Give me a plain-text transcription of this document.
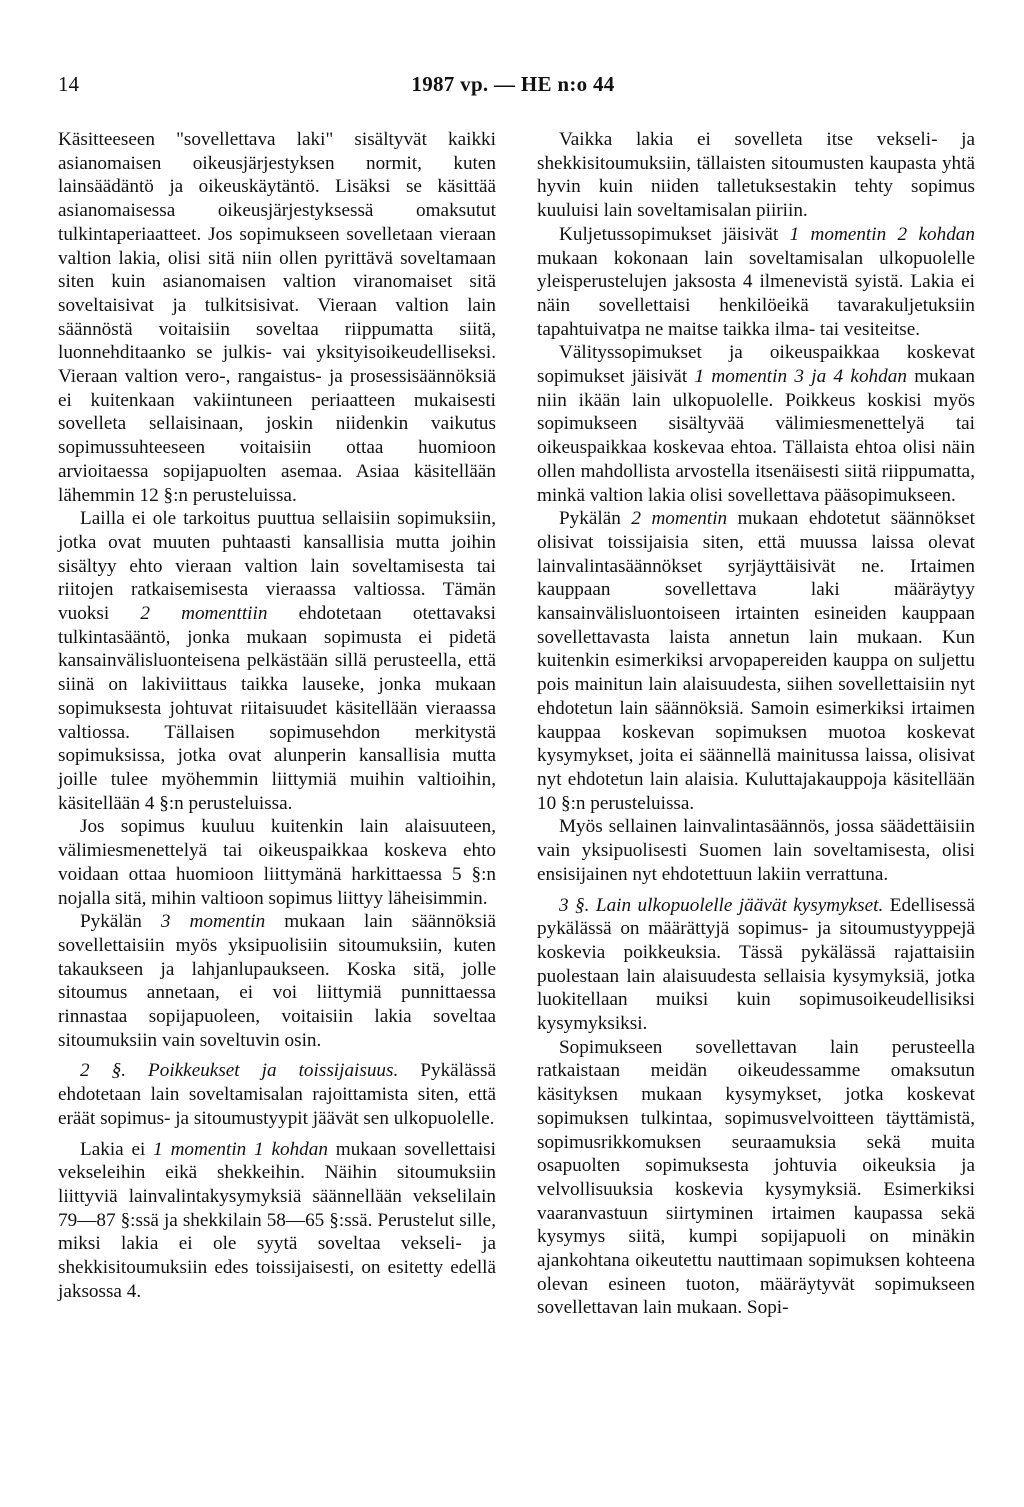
14	1987 vp. — HE n:o 44

Käsitteeseen "sovellettava laki" sisältyvät kaikki asianomaisen oikeusjärjestyksen normit, kuten lainsäädäntö ja oikeuskäytäntö. Lisäksi se käsittää asianomaisessa oikeusjärjestyksessä omaksutut tulkintaperiaatteet. Jos sopimukseen sovelletaan vieraan valtion lakia, olisi sitä niin ollen pyrittävä soveltamaan siten kuin asianomaisen valtion viranomaiset sitä soveltaisivat ja tulkitsisivat. Vieraan valtion lain säännöstä voitaisiin soveltaa riippumatta siitä, luonnehditaanko se julkis- vai yksityisoikeudelliseksi. Vieraan valtion vero-, rangaistus- ja prosessisäännöksiä ei kuitenkaan vakiintuneen periaatteen mukaisesti sovelleta sellaisinaan, joskin niidenkin vaikutus sopimussuhteeseen voitaisiin ottaa huomioon arvioitaessa sopijapuolten asemaa. Asiaa käsitellään lähemmin 12 §:n perusteluissa.

Lailla ei ole tarkoitus puuttua sellaisiin sopimuksiin, jotka ovat muuten puhtaasti kansallisia mutta joihin sisältyy ehto vieraan valtion lain soveltamisesta tai riitojen ratkaisemisesta vieraassa valtiossa. Tämän vuoksi 2 momenttiin ehdotetaan otettavaksi tulkintasääntö, jonka mukaan sopimusta ei pidetä kansainvälisluonteisena pelkästään sillä perusteella, että siinä on lakiviittaus taikka lauseke, jonka mukaan sopimuksesta johtuvat riitaisuudet käsitellään vieraassa valtiossa. Tällaisen sopimusehdon merkitystä sopimuksissa, jotka ovat alunperin kansallisia mutta joille tulee myöhemmin liittymiä muihin valtioihin, käsitellään 4 §:n perusteluissa.

Jos sopimus kuuluu kuitenkin lain alaisuuteen, välimiesmenettelyä tai oikeuspaikkaa koskeva ehto voidaan ottaa huomioon liittymänä harkittaessa 5 §:n nojalla sitä, mihin valtioon sopimus liittyy läheisimmin.

Pykälän 3 momentin mukaan lain säännöksiä sovellettaisiin myös yksipuolisiin sitoumuksiin, kuten takaukseen ja lahjanlupaukseen. Koska sitä, jolle sitoumus annetaan, ei voi liittymiä punnittaessa rinnastaa sopijapuoleen, voitaisiin lakia soveltaa sitoumuksiin vain soveltuvin osin.

2 §. Poikkeukset ja toissijaisuus. Pykälässä ehdotetaan lain soveltamisalan rajoittamista siten, että eräät sopimus- ja sitoumustyypit jäävät sen ulkopuolelle.

Lakia ei 1 momentin 1 kohdan mukaan sovellettaisi vekseleihin eikä shekkeihin. Näihin sitoumuksiin liittyviä lainvalintakysymyksiä säännellään vekselilain 79—87 §:ssä ja shekkilain 58—65 §:ssä. Perustelut sille, miksi lakia ei ole syytä soveltaa vekseli- ja shekkisitoumuksiin edes toissijaisesti, on esitetty edellä jaksossa 4.

Vaikka lakia ei sovelleta itse vekseli- ja shekkisitoumuksiin, tällaisten sitoumusten kaupasta yhtä hyvin kuin niiden talletuksestakin tehty sopimus kuuluisi lain soveltamisalan piiriin.

Kuljetussopimukset jäisivät 1 momentin 2 kohdan mukaan kokonaan lain soveltamisalan ulkopuolelle yleisperustelujen jaksosta 4 ilmenevistä syistä. Lakia ei näin sovellettaisi henkilöeikä tavarakuljetuksiin tapahtuivatpa ne maitse taikka ilma- tai vesiteitse.

Välityssopimukset ja oikeuspaikkaa koskevat sopimukset jäisivät 1 momentin 3 ja 4 kohdan mukaan niin ikään lain ulkopuolelle. Poikkeus koskisi myös sopimukseen sisältyvää välimiesmenettelyä tai oikeuspaikkaa koskevaa ehtoa. Tällaista ehtoa olisi näin ollen mahdollista arvostella itsenäisesti siitä riippumatta, minkä valtion lakia olisi sovellettava pääsopimukseen.

Pykälän 2 momentin mukaan ehdotetut säännökset olisivat toissijaisia siten, että muussa laissa olevat lainvalintasäännökset syrjäyttäisivät ne. Irtaimen kauppaan sovellettava laki määräytyy kansainvälisluontoiseen irtainten esineiden kauppaan sovellettavasta laista annetun lain mukaan. Kun kuitenkin esimerkiksi arvopapereiden kauppa on suljettu pois mainitun lain alaisuudesta, siihen sovellettaisiin nyt ehdotetun lain säännöksiä. Samoin esimerkiksi irtaimen kauppaa koskevan sopimuksen muotoa koskevat kysymykset, joita ei säännellä mainitussa laissa, olisivat nyt ehdotetun lain alaisia. Kuluttajakauppoja käsitellään 10 §:n perusteluissa.

Myös sellainen lainvalintasäännös, jossa säädettäisiin vain yksipuolisesti Suomen lain soveltamisesta, olisi ensisijainen nyt ehdotettuun lakiin verrattuna.

3 §. Lain ulkopuolelle jäävät kysymykset. Edellisessä pykälässä on määrättyjä sopimus- ja sitoumustyyppejä koskevia poikkeuksia. Tässä pykälässä rajattaisiin puolestaan lain alaisuudesta sellaisia kysymyksiä, jotka luokitellaan muiksi kuin sopimusoikeudellisiksi kysymyksiksi.

Sopimukseen sovellettavan lain perusteella ratkaistaan meidän oikeudessamme omaksutun käsityksen mukaan kysymykset, jotka koskevat sopimuksen tulkintaa, sopimusvelvoitteen täyttämistä, sopimusrikkomuksen seuraamuksia sekä muita osapuolten sopimuksesta johtuvia oikeuksia ja velvollisuuksia koskevia kysymyksiä. Esimerkiksi vaaranvastuun siirtyminen irtaimen kaupassa sekä kysymys siitä, kumpi sopijapuoli on minäkin ajankohtana oikeutettu nauttimaan sopimuksen kohteena olevan esineen tuoton, määräytyvät sopimukseen sovellettavan lain mukaan. Sopi-
